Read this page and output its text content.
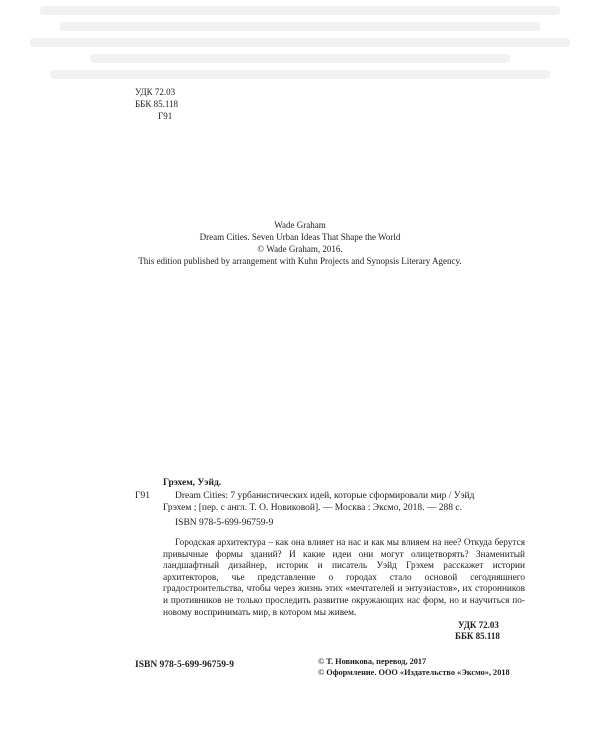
УДК 72.03
ББК 85.118
Г91
Wade Graham
Dream Cities. Seven Urban Ideas That Shape the World
© Wade Graham, 2016.
This edition published by arrangement with Kuhn Projects and Synopsis Literary Agency.
Грэхем, Уэйд.
Г91	Dream Cities: 7 урбанистических идей, которые сформировали мир / Уэйд
Грэхем ; [пер. с англ. Т. О. Новиковой]. — Москва : Эксмо, 2018. — 288 с.
ISBN 978-5-699-96759-9
Городская архитектура – как она влияет на нас и как мы влияем на нее? Откуда берутся привычные формы зданий? И какие идеи они могут олицетворять? Знаменитый ландшафтный дизайнер, историк и писатель Уэйд Грэхем расскажет истории архитекторов, чье представление о городах стало основой сегодняшнего градостроительства, чтобы через жизнь этих «мечтателей и энтузиастов», их сторонников и противников не только проследить развитие окружающих нас форм, но и научиться по-новому воспринимать мир, в котором мы живем.
УДК 72.03
ББК 85.118
ISBN 978-5-699-96759-9	© Т. Новикова, перевод, 2017
© Оформление. ООО «Издательство «Эксмо», 2018
